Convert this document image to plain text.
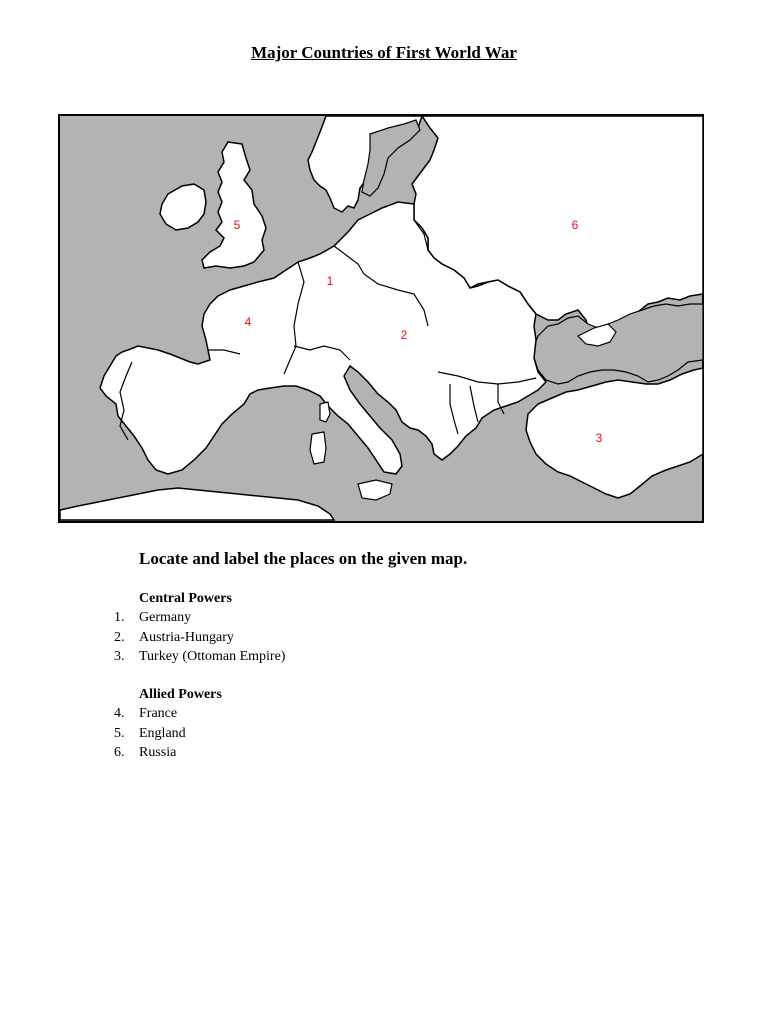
Major Countries of First World War
1
2
3
4
5	6
Locate and label the places on the given map.
Central Powers
1. Germany
2. Austria-Hungary
3. Turkey (Ottoman Empire)
Allied Powers
4. France
5. England
6. Russia
